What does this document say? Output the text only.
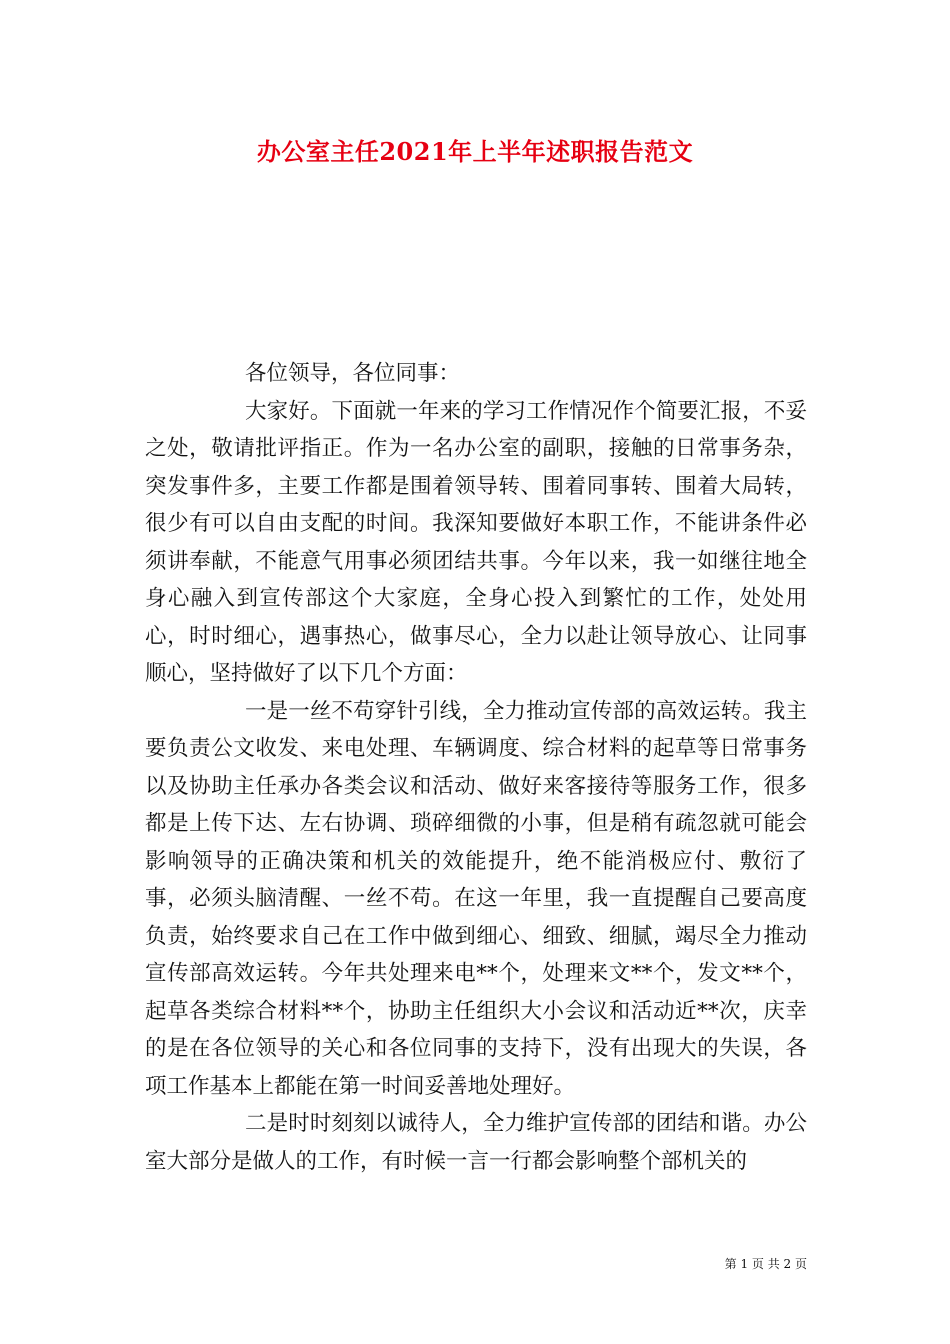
办公室主任2021年上半年述职报告范文

各位领导，各位同事：

大家好。下面就一年来的学习工作情况作个简要汇报，不妥之处，敬请批评指正。作为一名办公室的副职，接触的日常事务杂，突发事件多，主要工作都是围着领导转、围着同事转、围着大局转，很少有可以自由支配的时间。我深知要做好本职工作，不能讲条件必须讲奉献，不能意气用事必须团结共事。今年以来，我一如继往地全身心融入到宣传部这个大家庭，全身心投入到繁忙的工作，处处用心，时时细心，遇事热心，做事尽心，全力以赴让领导放心、让同事顺心，坚持做好了以下几个方面：

一是一丝不苟穿针引线，全力推动宣传部的高效运转。我主要负责公文收发、来电处理、车辆调度、综合材料的起草等日常事务以及协助主任承办各类会议和活动、做好来客接待等服务工作，很多都是上传下达、左右协调、琐碎细微的小事，但是稍有疏忽就可能会影响领导的正确决策和机关的效能提升，绝不能消极应付、敷衍了事，必须头脑清醒、一丝不苟。在这一年里，我一直提醒自己要高度负责，始终要求自己在工作中做到细心、细致、细腻，竭尽全力推动宣传部高效运转。今年共处理来电**个，处理来文**个，发文**个，起草各类综合材料**个，协助主任组织大小会议和活动近**次，庆幸的是在各位领导的关心和各位同事的支持下，没有出现大的失误，各项工作基本上都能在第一时间妥善地处理好。

二是时时刻刻以诚待人，全力维护宣传部的团结和谐。办公室大部分是做人的工作，有时候一言一行都会影响整个部机关的

第 1 页 共 2 页
